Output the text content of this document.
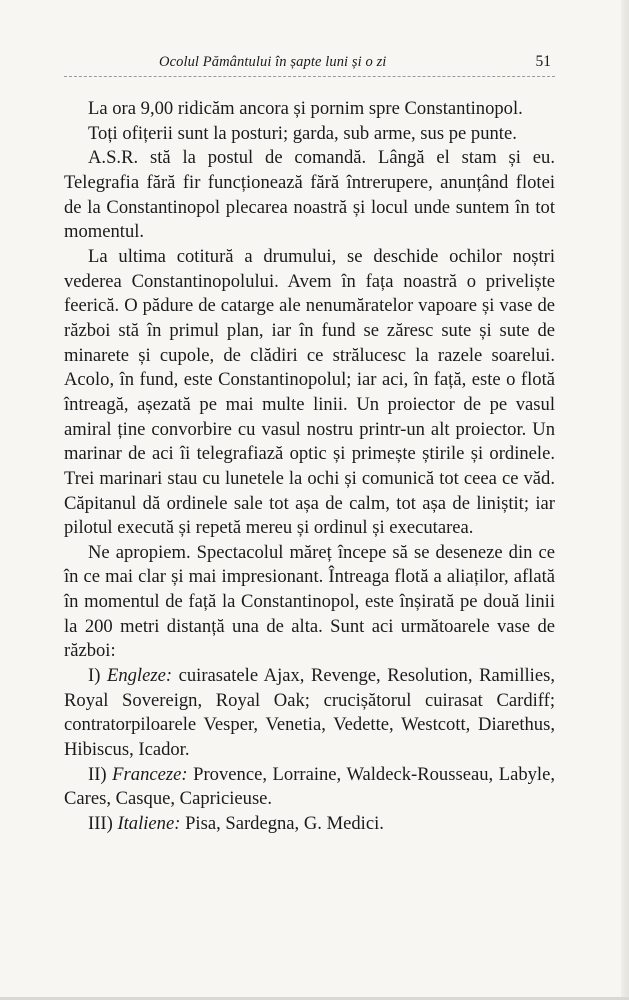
Ocolul Pământului în șapte luni și o zi	51

La ora 9,00 ridicăm ancora și pornim spre Constantinopol.

Toți ofițerii sunt la posturi; garda, sub arme, sus pe punte.

A.S.R. stă la postul de comandă. Lângă el stam și eu. Telegrafia fără fir funcționează fără întrerupere, anunțând flotei de la Constantinopol plecarea noastră și locul unde suntem în tot momentul.

La ultima cotitură a drumului, se deschide ochilor noștri vederea Constantinopolului. Avem în fața noastră o priveliște feerică. O pădure de catarge ale nenumăratelor vapoare și vase de război stă în primul plan, iar în fund se zăresc sute și sute de minarete și cupole, de clădiri ce strălucesc la razele soarelui. Acolo, în fund, este Constantinopolul; iar aci, în față, este o flotă întreagă, așezată pe mai multe linii. Un proiector de pe vasul amiral ține convorbire cu vasul nostru printr-un alt proiector. Un marinar de aci îi telegrafiază optic și primește știrile și ordinele. Trei marinari stau cu lunetele la ochi și comunică tot ceea ce văd. Căpitanul dă ordinele sale tot așa de calm, tot așa de liniștit; iar pilotul execută și repetă mereu și ordinul și executarea.

Ne apropiem. Spectacolul măreț începe să se deseneze din ce în ce mai clar și mai impresionant. Întreaga flotă a aliaților, aflată în momentul de față la Constantinopol, este înșirată pe două linii la 200 metri distanță una de alta. Sunt aci următoarele vase de război:

I) Engleze: cuirasatele Ajax, Revenge, Resolution, Ramillies, Royal Sovereign, Royal Oak; crucișătorul cuirasat Cardiff; contratorpiloarele Vesper, Venetia, Vedette, Westcott, Diarethus, Hibiscus, Icador.

II) Franceze: Provence, Lorraine, Waldeck-Rousseau, Labyle, Cares, Casque, Capricieuse.

III) Italiene: Pisa, Sardegna, G. Medici.
